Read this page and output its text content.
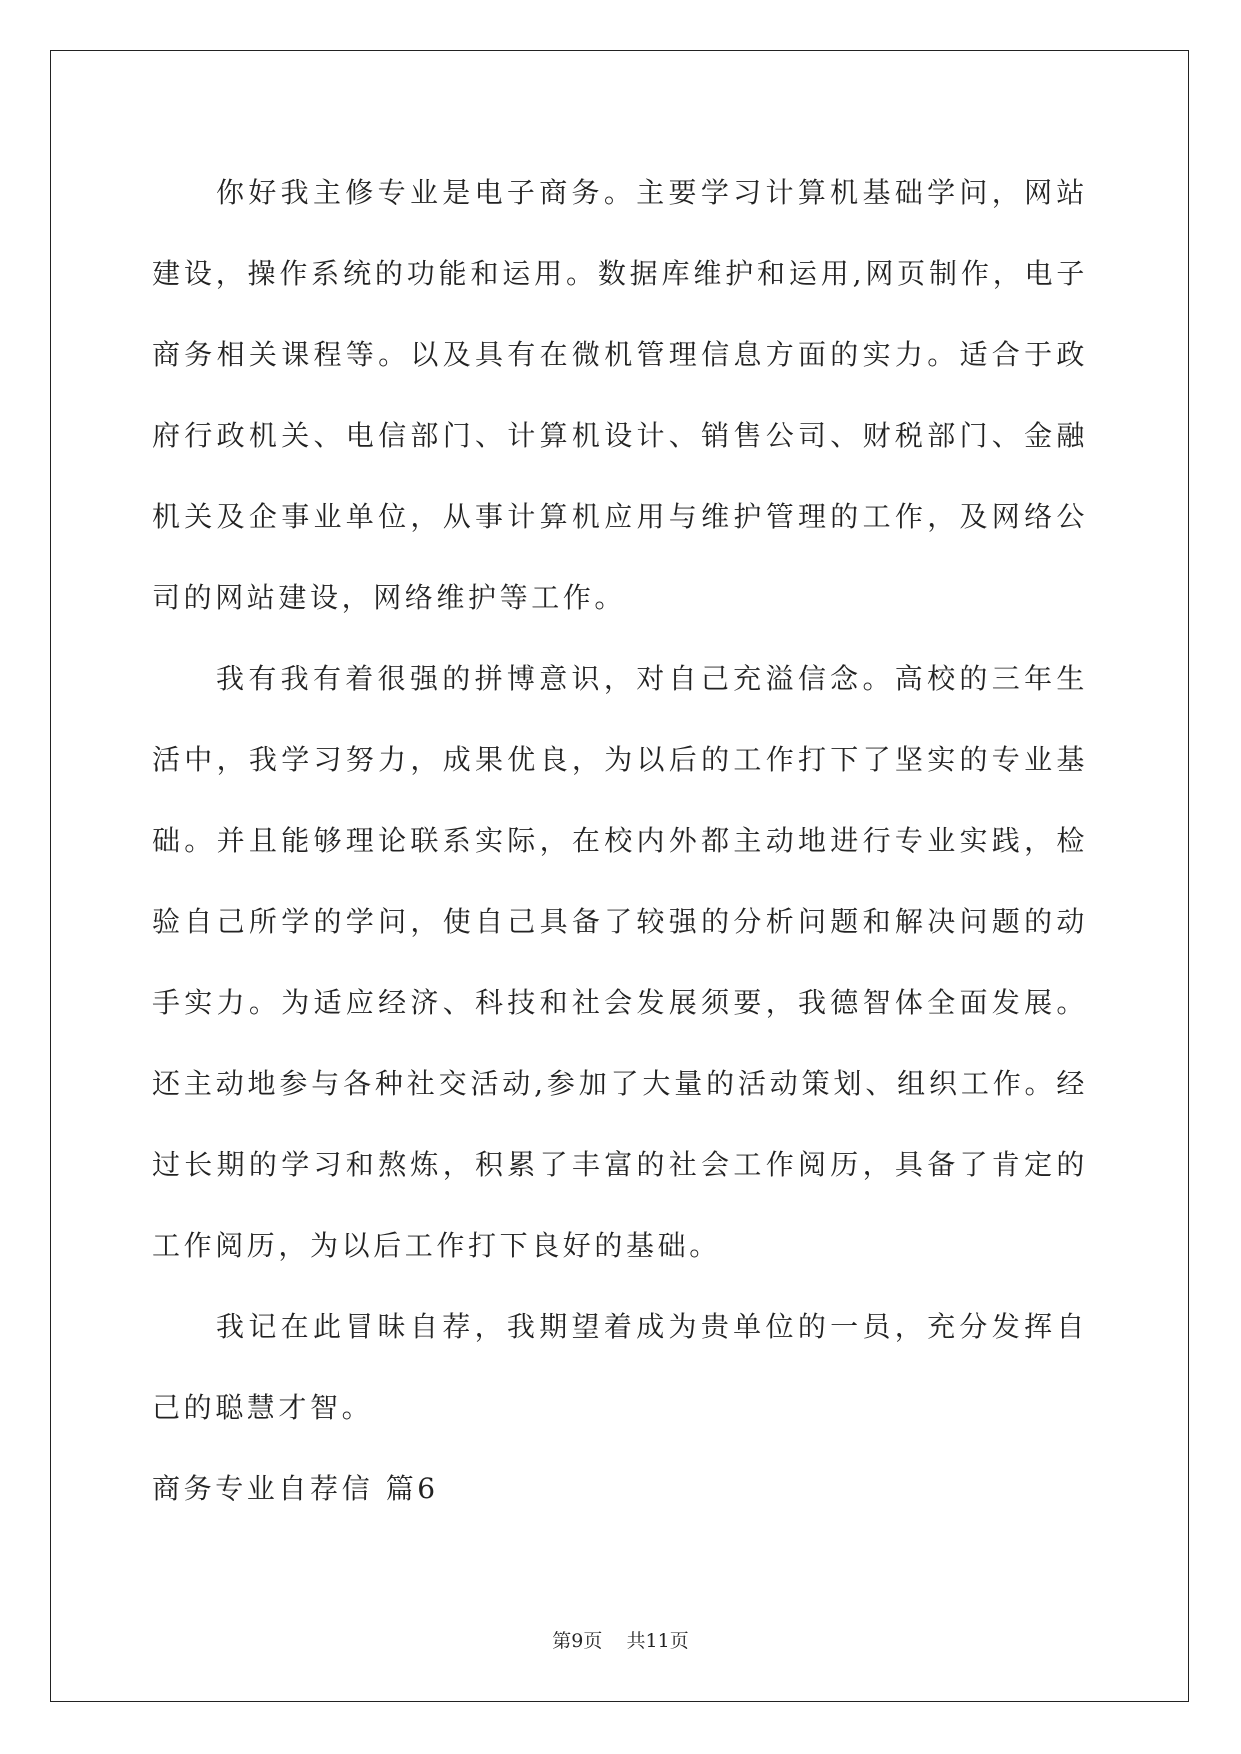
你好我主修专业是电子商务。主要学习计算机基础学问，网站建设，操作系统的功能和运用。数据库维护和运用,网页制作，电子商务相关课程等。以及具有在微机管理信息方面的实力。适合于政府行政机关、电信部门、计算机设计、销售公司、财税部门、金融机关及企事业单位，从事计算机应用与维护管理的工作，及网络公司的网站建设，网络维护等工作。

我有我有着很强的拼博意识，对自己充溢信念。高校的三年生活中，我学习努力，成果优良，为以后的工作打下了坚实的专业基础。并且能够理论联系实际，在校内外都主动地进行专业实践，检验自己所学的学问，使自己具备了较强的分析问题和解决问题的动手实力。为适应经济、科技和社会发展须要，我德智体全面发展。还主动地参与各种社交活动,参加了大量的活动策划、组织工作。经过长期的学习和熬炼，积累了丰富的社会工作阅历，具备了肯定的工作阅历，为以后工作打下良好的基础。

我记在此冒昧自荐，我期望着成为贵单位的一员，充分发挥自己的聪慧才智。

商务专业自荐信 篇6

第9页 共11页
